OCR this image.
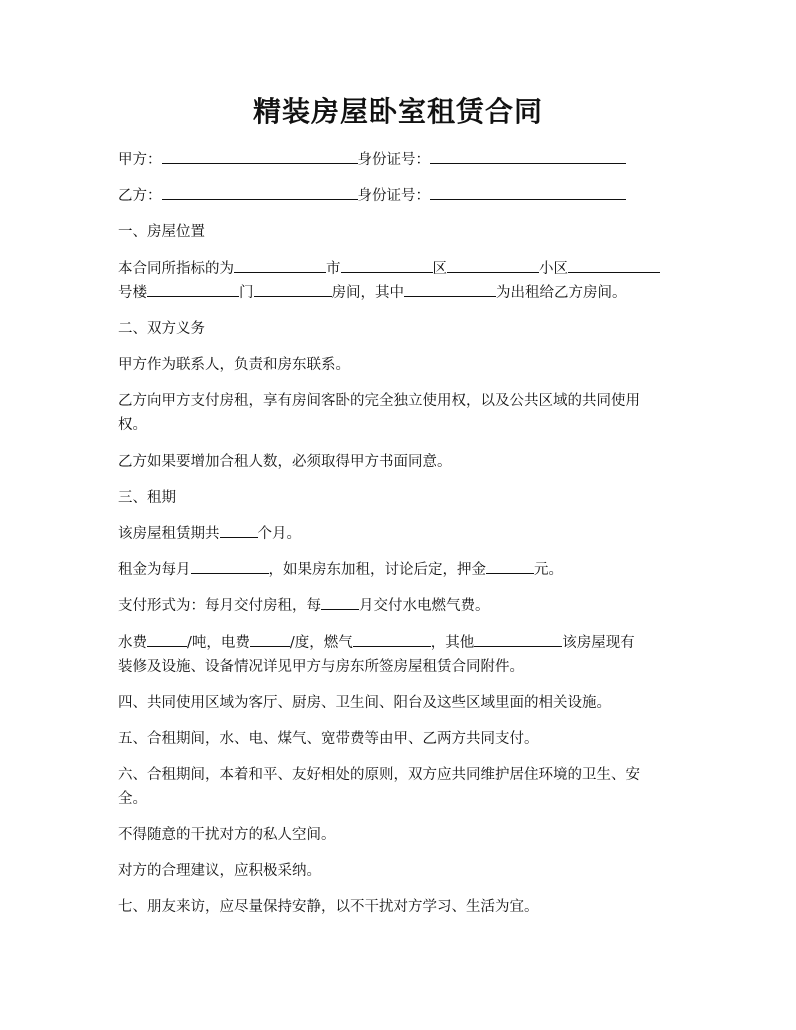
精装房屋卧室租赁合同

甲方：	身份证号：

乙方：	身份证号：

一、房屋位置

本合同所指标的为	市	区	小区

号楼	门	房间，其中	为出租给乙方房间。

二、双方义务

甲方作为联系人，负责和房东联系。

乙方向甲方支付房租，享有房间客卧的完全独立使用权，以及公共区域的共同使用

权。

乙方如果要增加合租人数，必须取得甲方书面同意。

三、租期

该房屋租赁期共	个月。

租金为每月	，如果房东加租，讨论后定，押金	元。

支付形式为：每月交付房租，每	月交付水电燃气费。

水费	/吨，电费	/度，燃气	，其他	该房屋现有

装修及设施、设备情况详见甲方与房东所签房屋租赁合同附件。

四、共同使用区域为客厅、厨房、卫生间、阳台及这些区域里面的相关设施。

五、合租期间，水、电、煤气、宽带费等由甲、乙两方共同支付。

六、合租期间，本着和平、友好相处的原则，双方应共同维护居住环境的卫生、安

全。

不得随意的干扰对方的私人空间。

对方的合理建议，应积极采纳。

七、朋友来访，应尽量保持安静，以不干扰对方学习、生活为宜。
